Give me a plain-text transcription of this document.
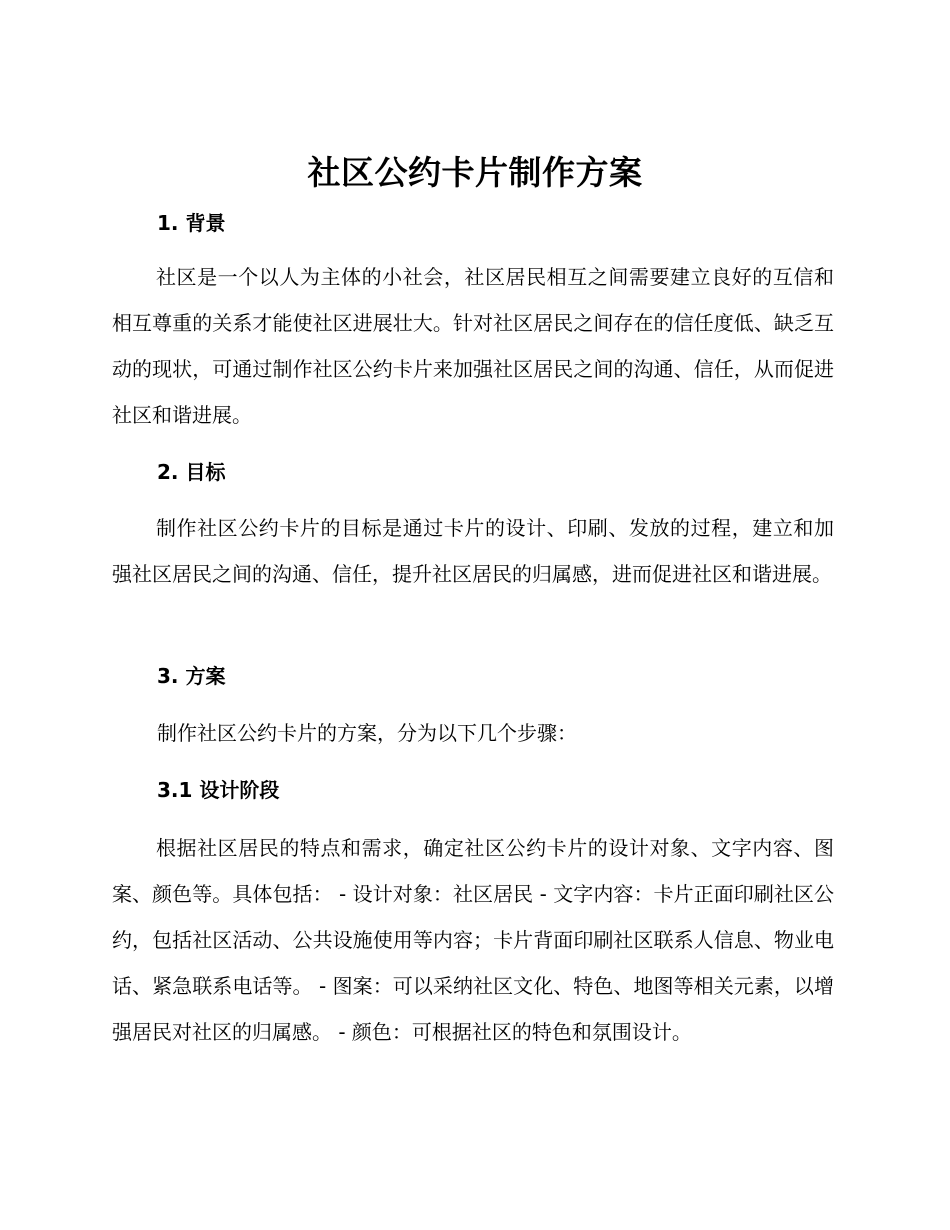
社区公约卡片制作方案
1. 背景

社区是一个以人为主体的小社会，社区居民相互之间需要建立良好的互信和相互尊重的关系才能使社区进展壮大。针对社区居民之间存在的信任度低、缺乏互动的现状，可通过制作社区公约卡片来加强社区居民之间的沟通、信任，从而促进社区和谐进展。

2. 目标

制作社区公约卡片的目标是通过卡片的设计、印刷、发放的过程，建立和加强社区居民之间的沟通、信任，提升社区居民的归属感，进而促进社区和谐进展。

3. 方案

制作社区公约卡片的方案，分为以下几个步骤：

3.1 设计阶段

根据社区居民的特点和需求，确定社区公约卡片的设计对象、文字内容、图案、颜色等。具体包括： - 设计对象：社区居民 - 文字内容：卡片正面印刷社区公约，包括社区活动、公共设施使用等内容；卡片背面印刷社区联系人信息、物业电话、紧急联系电话等。 - 图案：可以采纳社区文化、特色、地图等相关元素，以增强居民对社区的归属感。 - 颜色：可根据社区的特色和氛围设计。
